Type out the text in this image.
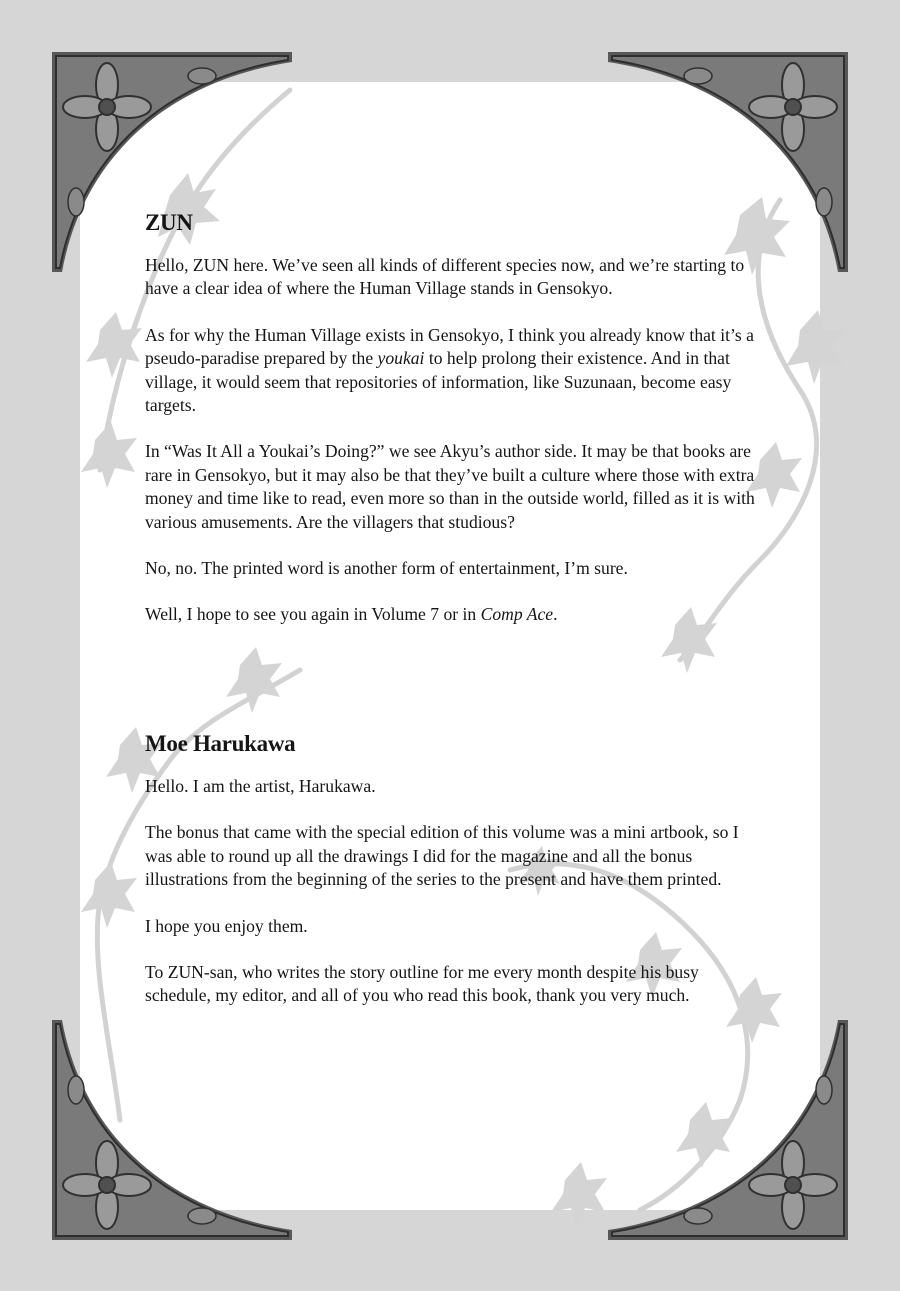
ZUN

Hello, ZUN here. We’ve seen all kinds of different species now, and we’re starting to have a clear idea of where the Human Village stands in Gensokyo.

As for why the Human Village exists in Gensokyo, I think you already know that it’s a pseudo-paradise prepared by the youkai to help prolong their existence. And in that village, it would seem that repositories of information, like Suzunaan, become easy targets.

In “Was It All a Youkai’s Doing?” we see Akyu’s author side. It may be that books are rare in Gensokyo, but it may also be that they’ve built a culture where those with extra money and time like to read, even more so than in the outside world, filled as it is with various amusements. Are the villagers that studious?

No, no. The printed word is another form of entertainment, I’m sure.

Well, I hope to see you again in Volume 7 or in Comp Ace.

Moe Harukawa

Hello. I am the artist, Harukawa.

The bonus that came with the special edition of this volume was a mini artbook, so I was able to round up all the drawings I did for the magazine and all the bonus illustrations from the beginning of the series to the present and have them printed.

I hope you enjoy them.

To ZUN-san, who writes the story outline for me every month despite his busy schedule, my editor, and all of you who read this book, thank you very much.
